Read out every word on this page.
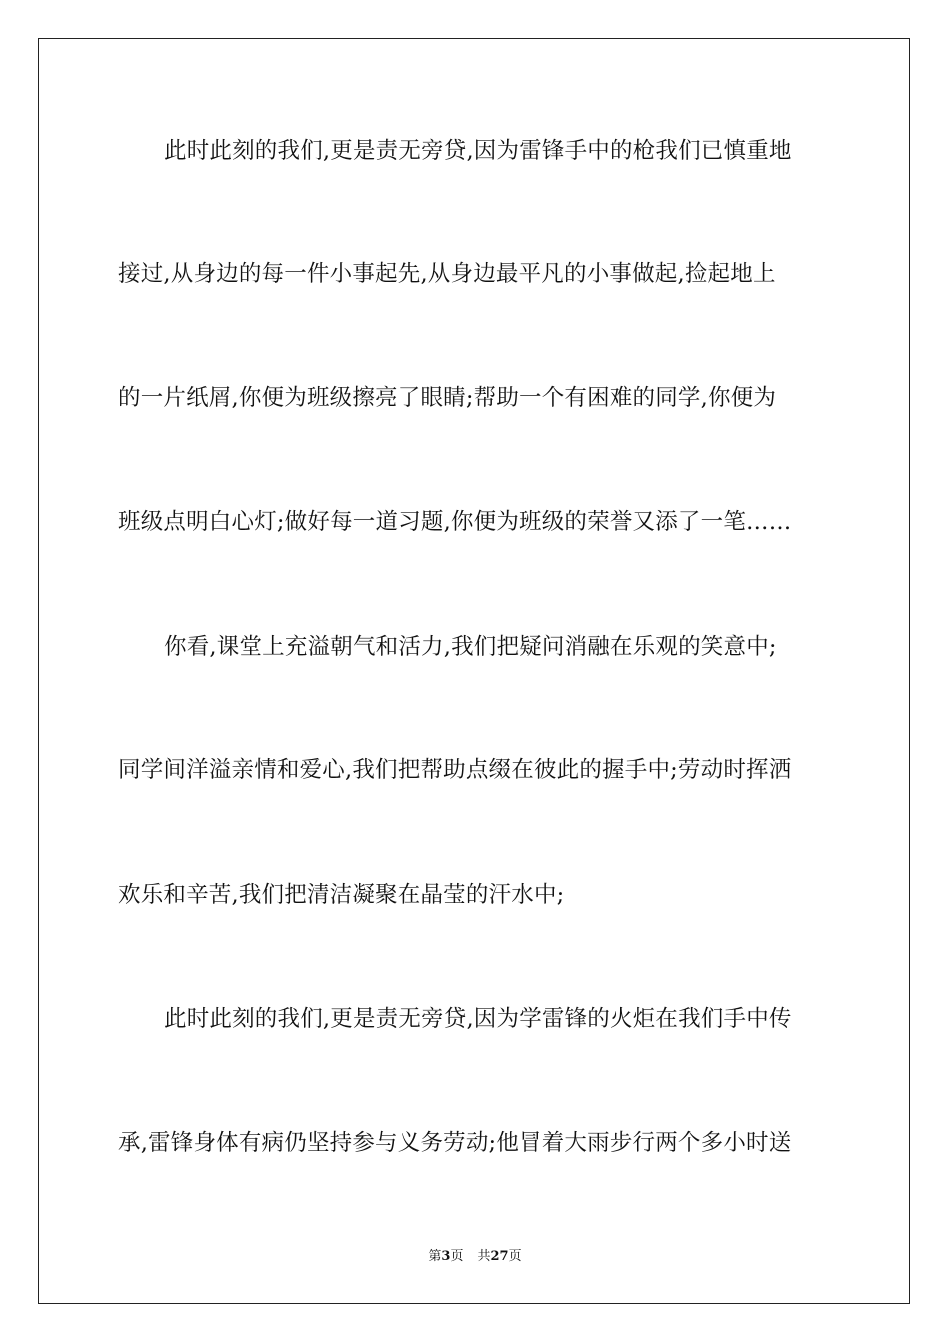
此时此刻的我们,更是责无旁贷,因为雷锋手中的枪我们已慎重地
接过,从身边的每一件小事起先,从身边最平凡的小事做起,捡起地上
的一片纸屑,你便为班级擦亮了眼睛;帮助一个有困难的同学,你便为
班级点明白心灯;做好每一道习题,你便为班级的荣誉又添了一笔……
你看,课堂上充溢朝气和活力,我们把疑问消融在乐观的笑意中;
同学间洋溢亲情和爱心,我们把帮助点缀在彼此的握手中;劳动时挥洒
欢乐和辛苦,我们把清洁凝聚在晶莹的汗水中;
此时此刻的我们,更是责无旁贷,因为学雷锋的火炬在我们手中传
承,雷锋身体有病仍坚持参与义务劳动;他冒着大雨步行两个多小时送
第3页 共27页
